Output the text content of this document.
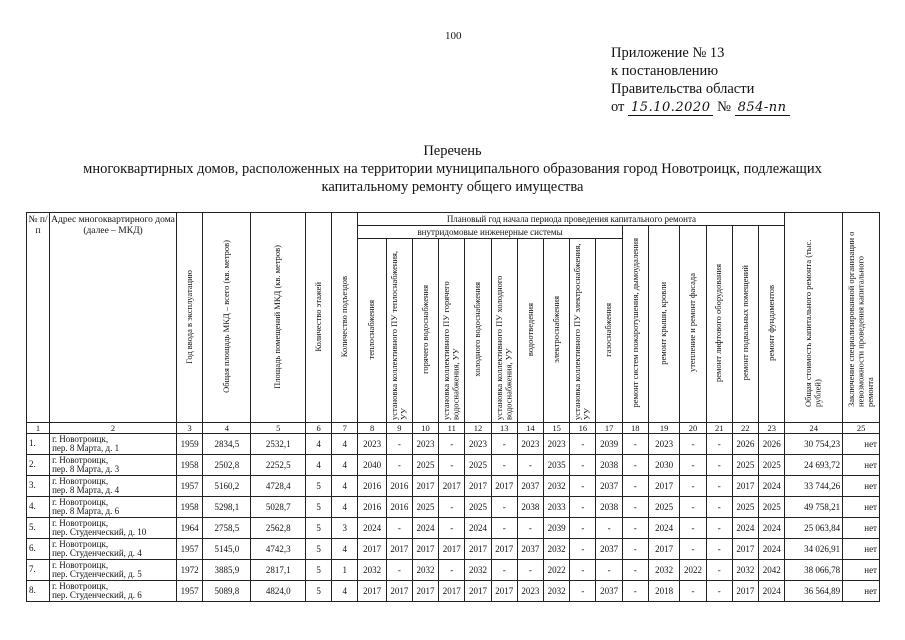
100
Приложение № 13
к постановлению
Правительства области
от 15.10.2020 № 854-пп
Перечень
многоквартирных домов, расположенных на территории муниципального образования город Новотроицк, подлежащих
капитальному ремонту общего имущества
№ п/п	Адрес многоквартирного дома (далее – МКД)	Год ввода в эксплуатацию	Общая площадь МКД – всего (кв. метров)	Площадь помещений МКД (кв. метров)	Количество этажей	Количество подъездов	Плановый год начала периода проведения капитального ремонта																Общая стоимость капитального ремонта (тыс. рублей)	Заключение специализированной организации о невозможности проведения капитального ремонта
							внутридомовые инженерные системы										ремонт систем пожаротушения, дымоудаления	ремонт крыши, кровли	утепление и ремонт фасада	ремонт лифтового оборудования	ремонт подвальных помещений	ремонт фундаментов		
							теплоснабжения	установка коллективного ПУ теплоснабжения, УУ	горячего водоснабжения	установка коллективного ПУ горячего водоснабжения, УУ	холодного водоснабжения	установка коллективного ПУ холодного водоснабжения, УУ	водоотведения	электроснабжения	установка коллективного ПУ электроснабжения, УУ	газоснабжения								
1	2	3	4	5	6	7	8	9	10	11	12	13	14	15	16	17	18	19	20	21	22	23	24	25
1.	г. Новотроицк,
пер. 8 Марта, д. 1	1959	2834,5	2532,1	4	4	2023	-	2023	-	2023	-	2023	2023	-	2039	-	2023	-	-	2026	2026	30 754,23	нет
2.	г. Новотроицк,
пер. 8 Марта, д. 3	1958	2502,8	2252,5	4	4	2040	-	2025	-	2025	-	-	2035	-	2038	-	2030	-	-	2025	2025	24 693,72	нет
3.	г. Новотроицк,
пер. 8 Марта, д. 4	1957	5160,2	4728,4	5	4	2016	2016	2017	2017	2017	2017	2037	2032	-	2037	-	2017	-	-	2017	2024	33 744,26	нет
4.	г. Новотроицк,
пер. 8 Марта, д. 6	1958	5298,1	5028,7	5	4	2016	2016	2025	-	2025	-	2038	2033	-	2038	-	2025	-	-	2025	2025	49 758,21	нет
5.	г. Новотроицк,
пер. Студенческий, д. 10	1964	2758,5	2562,8	5	3	2024	-	2024	-	2024	-	-	2039	-	-	-	2024	-	-	2024	2024	25 063,84	нет
6.	г. Новотроицк,
пер. Студенческий, д. 4	1957	5145,0	4742,3	5	4	2017	2017	2017	2017	2017	2017	2037	2032	-	2037	-	2017	-	-	2017	2024	34 026,91	нет
7.	г. Новотроицк,
пер. Студенческий, д. 5	1972	3885,9	2817,1	5	1	2032	-	2032	-	2032	-	-	2022	-	-	-	2032	2022	-	2032	2042	38 066,78	нет
8.	г. Новотроицк,
пер. Студенческий, д. 6	1957	5089,8	4824,0	5	4	2017	2017	2017	2017	2017	2017	2023	2032	-	2037	-	2018	-	-	2017	2024	36 564,89	нет
